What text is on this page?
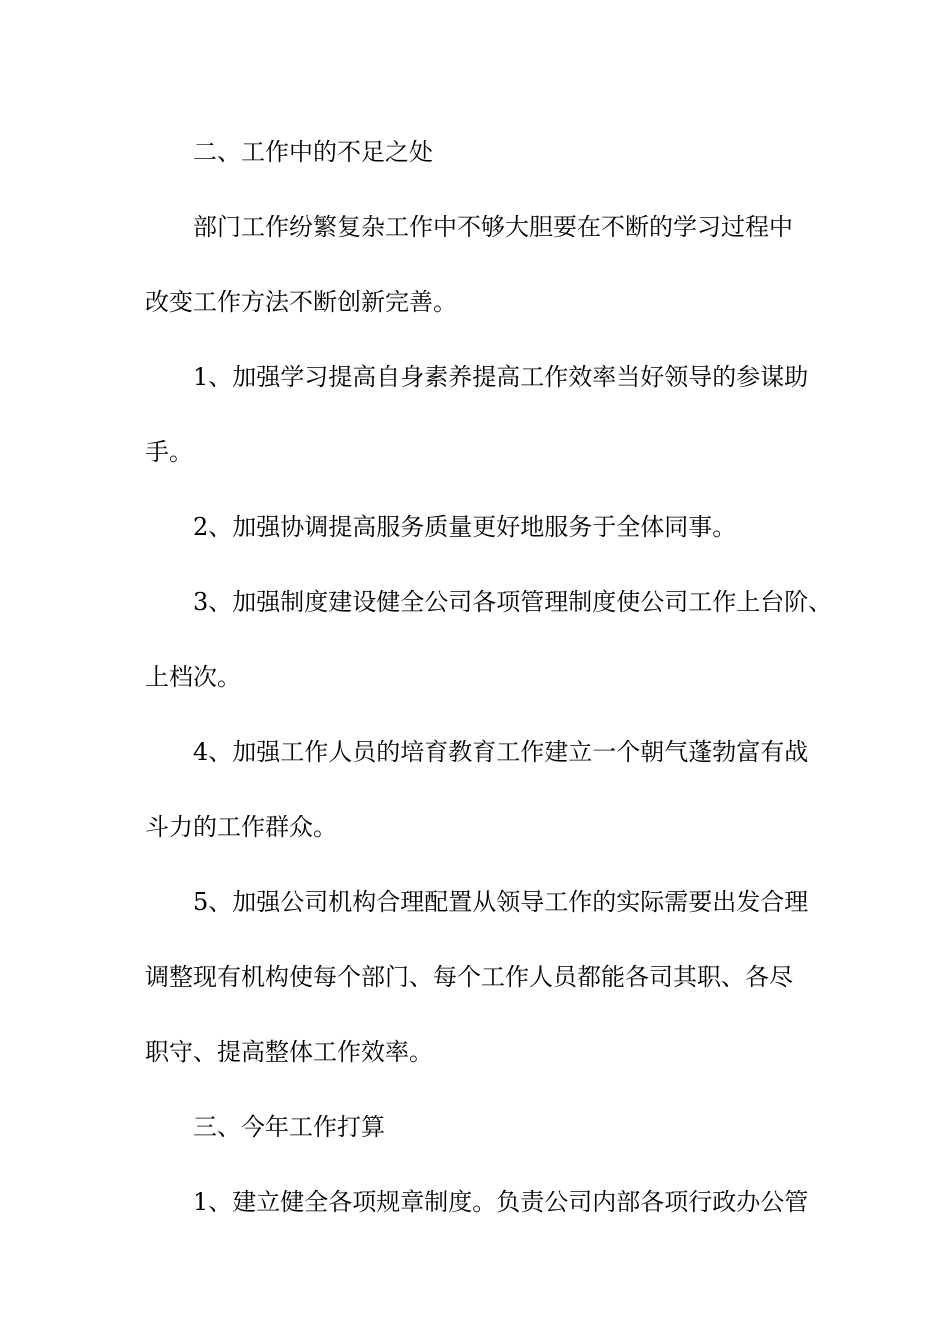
二、工作中的不足之处
部门工作纷繁复杂工作中不够大胆要在不断的学习过程中
改变工作方法不断创新完善。
1、加强学习提高自身素养提高工作效率当好领导的参谋助
手。
2、加强协调提高服务质量更好地服务于全体同事。
3、加强制度建设健全公司各项管理制度使公司工作上台阶、
上档次。
4、加强工作人员的培育教育工作建立一个朝气蓬勃富有战
斗力的工作群众。
5、加强公司机构合理配置从领导工作的实际需要出发合理
调整现有机构使每个部门、每个工作人员都能各司其职、各尽
职守、提高整体工作效率。
三、今年工作打算
1、建立健全各项规章制度。负责公司内部各项行政办公管
